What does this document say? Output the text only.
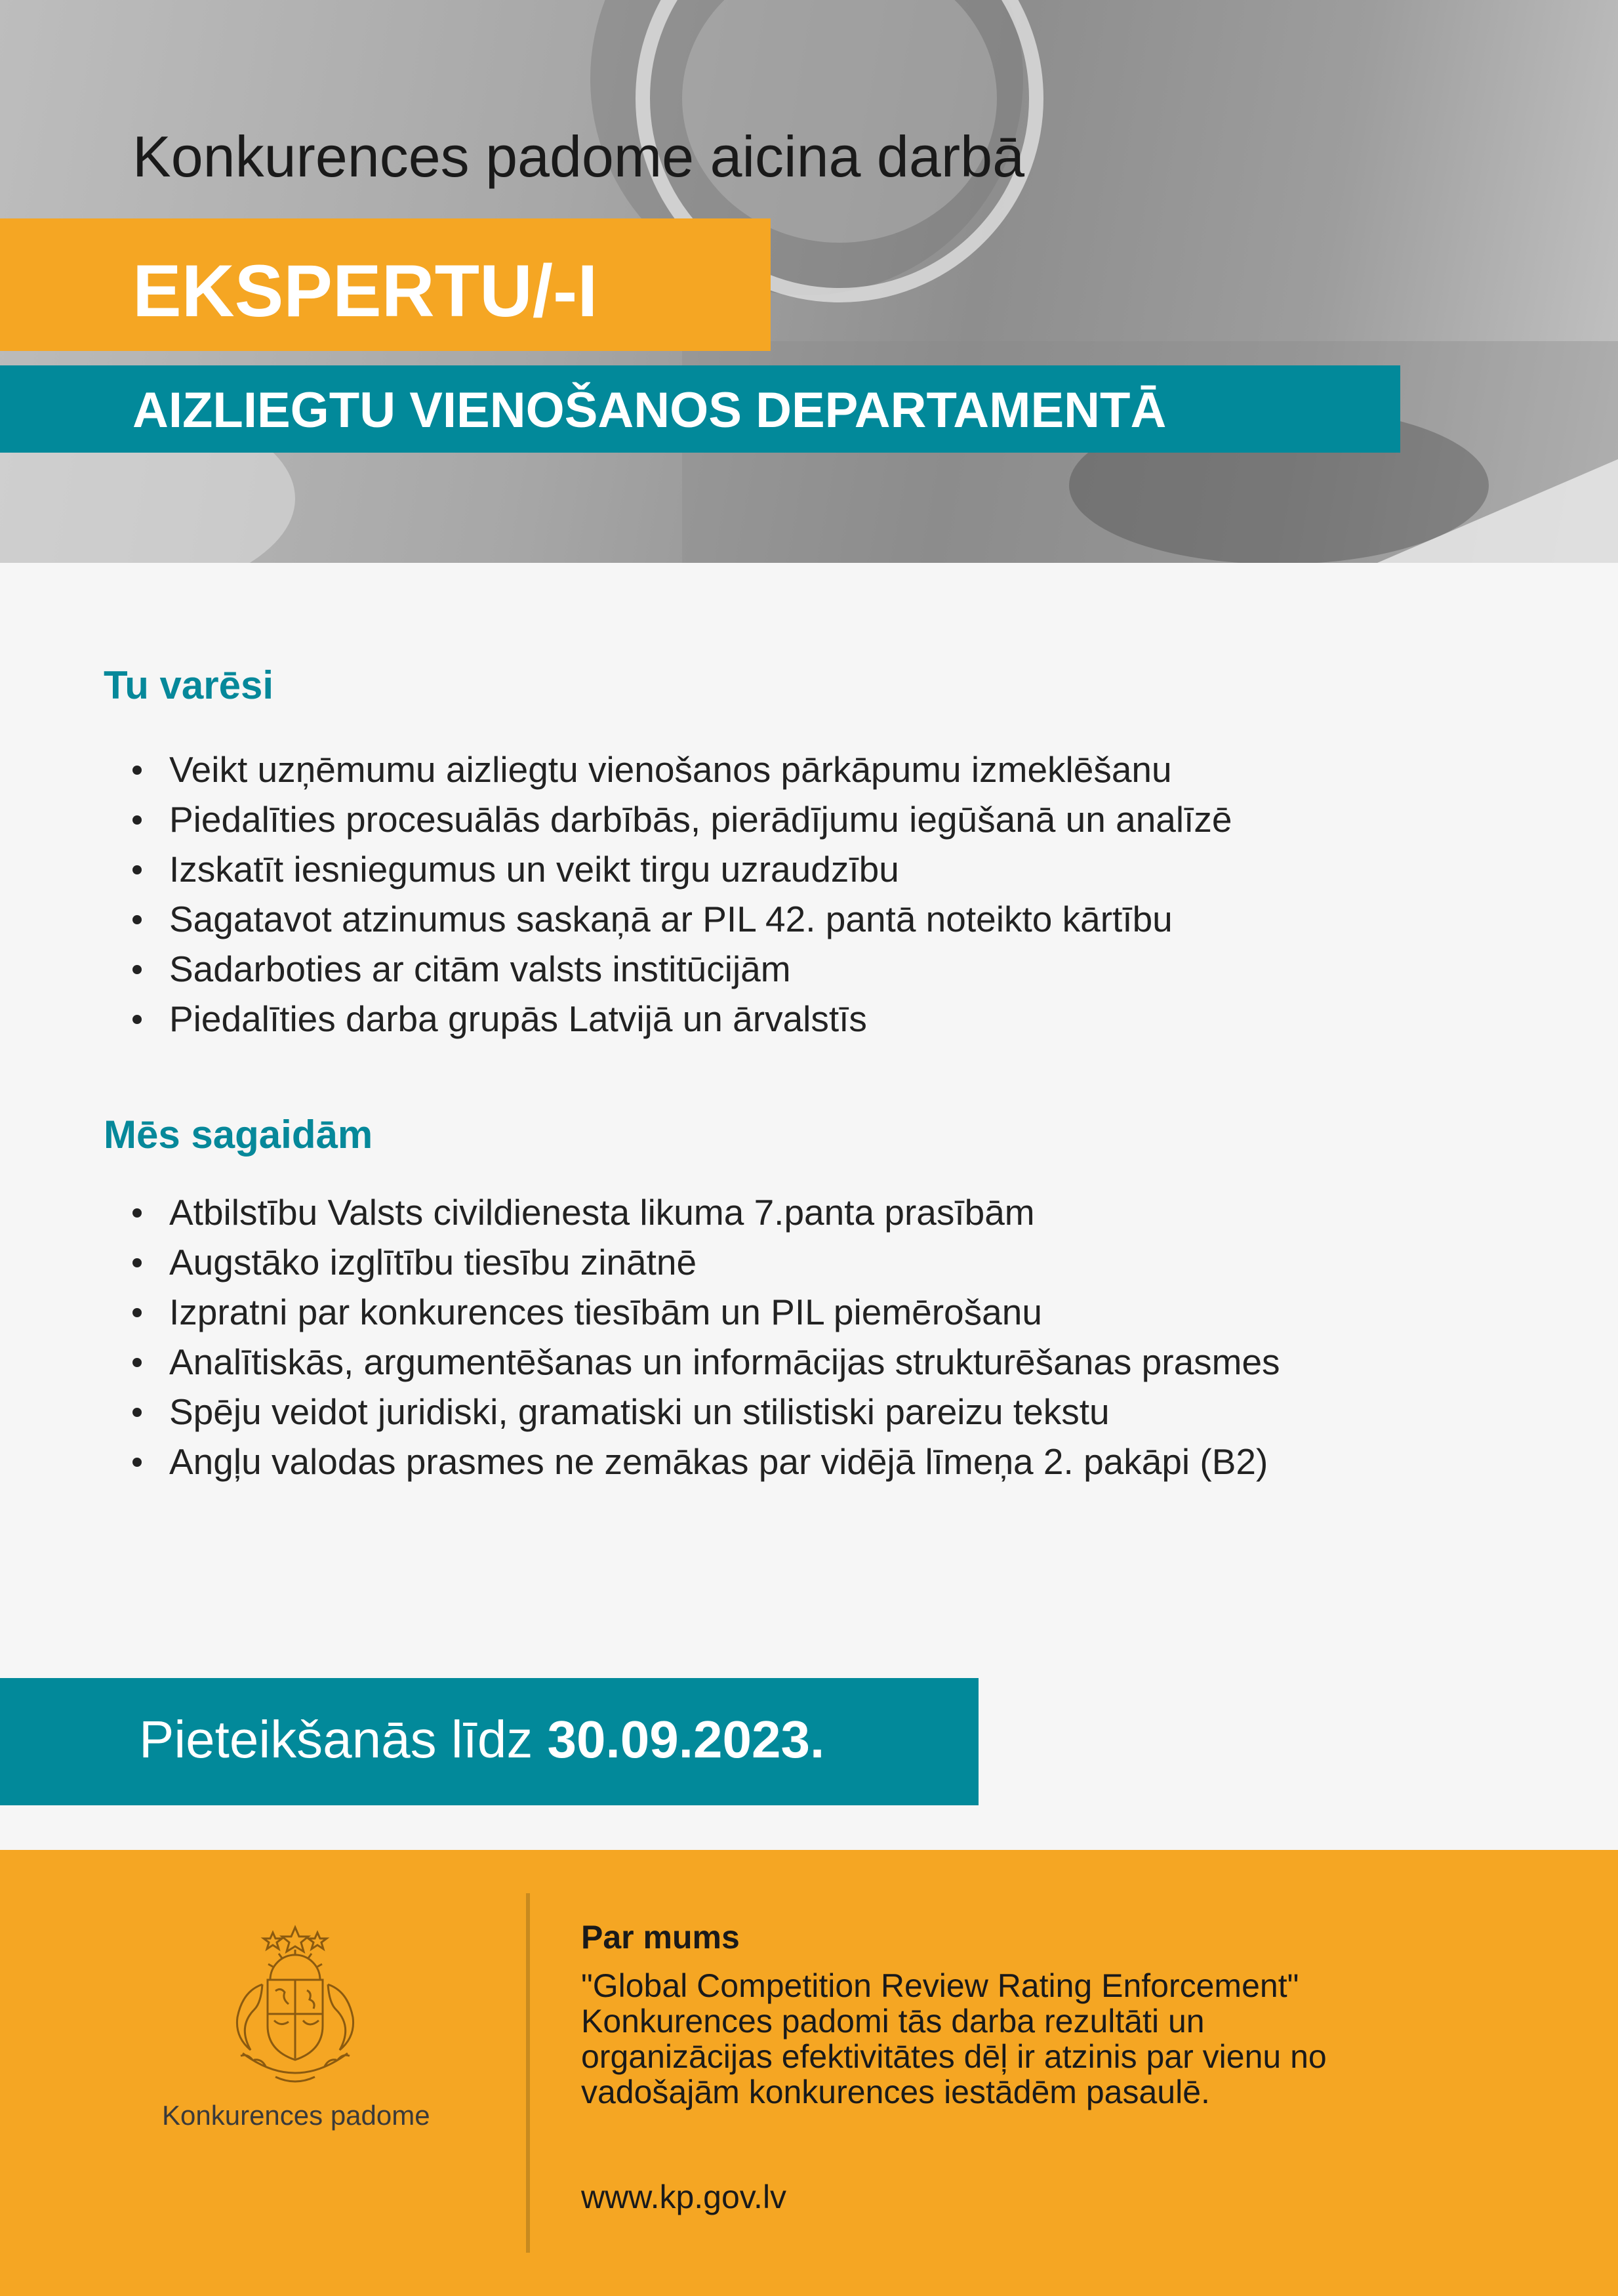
Konkurences padome aicina darbā
EKSPERTU/-I
AIZLIEGTU VIENOŠANOS DEPARTAMENTĀ
Tu varēsi
Veikt uzņēmumu aizliegtu vienošanos pārkāpumu izmeklēšanu
Piedalīties procesuālās darbībās, pierādījumu iegūšanā un analīzē
Izskatīt iesniegumus un veikt tirgu uzraudzību
Sagatavot atzinumus saskaņā ar PIL 42. pantā noteikto kārtību
Sadarboties ar citām valsts institūcijām
Piedalīties darba grupās Latvijā un ārvalstīs
Mēs sagaidām
Atbilstību Valsts civildienesta likuma 7.panta prasībām
Augstāko izglītību tiesību zinātnē
Izpratni par konkurences tiesībām un PIL piemērošanu
Analītiskās, argumentēšanas un informācijas strukturēšanas prasmes
Spēju veidot juridiski, gramatiski un stilistiski pareizu tekstu
Angļu valodas prasmes ne zemākas par vidējā līmeņa 2. pakāpi (B2)
Pieteikšanās līdz 30.09.2023.
Konkurences padome
Par mums
"Global Competition Review Rating Enforcement"
Konkurences padomi tās darba rezultāti un
organizācijas efektivitātes dēļ ir atzinis par vienu no
vadošajām konkurences iestādēm pasaulē.
www.kp.gov.lv
